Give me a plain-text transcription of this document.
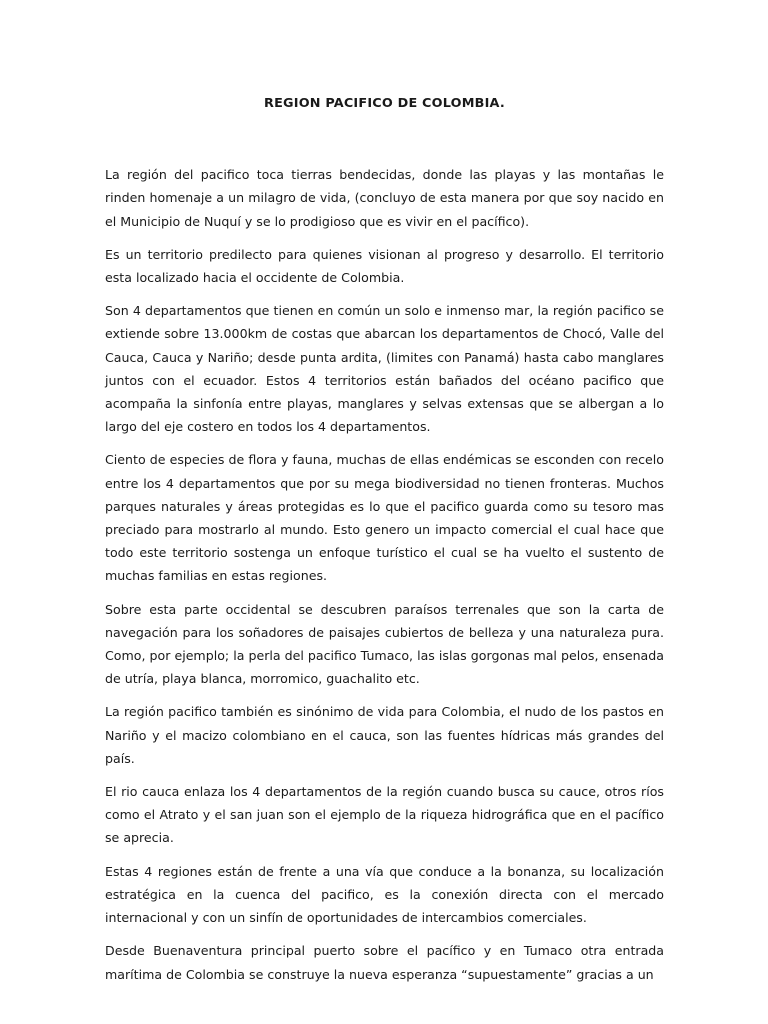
REGION PACIFICO DE COLOMBIA.

La región del pacifico toca tierras bendecidas, donde las playas y las montañas le rinden homenaje a un milagro de vida, (concluyo de esta manera por que soy nacido en el Municipio de Nuquí y se lo prodigioso que es vivir en el pacífico).

Es un territorio predilecto para quienes visionan al progreso y desarrollo. El territorio esta localizado hacia el occidente de Colombia.

Son 4 departamentos que tienen en común un solo e inmenso mar, la región pacifico se extiende sobre 13.000km de costas que abarcan los departamentos de Chocó, Valle del Cauca, Cauca y Nariño; desde punta ardita, (limites con Panamá) hasta cabo manglares juntos con el ecuador. Estos 4 territorios están bañados del océano pacifico que acompaña la sinfonía entre playas, manglares y selvas extensas que se albergan a lo largo del eje costero en todos los 4 departamentos.

Ciento de especies de flora y fauna, muchas de ellas endémicas se esconden con recelo entre los 4 departamentos que por su mega biodiversidad no tienen fronteras. Muchos parques naturales y áreas protegidas es lo que el pacifico guarda como su tesoro mas preciado para mostrarlo al mundo. Esto genero un impacto comercial el cual hace que todo este territorio sostenga un enfoque turístico el cual se ha vuelto el sustento de muchas familias en estas regiones.

Sobre esta parte occidental se descubren paraísos terrenales que son la carta de navegación para los soñadores de paisajes cubiertos de belleza y una naturaleza pura. Como, por ejemplo; la perla del pacifico Tumaco, las islas gorgonas mal pelos, ensenada de utría, playa blanca, morromico, guachalito etc.

La región pacifico también es sinónimo de vida para Colombia, el nudo de los pastos en Nariño y el macizo colombiano en el cauca, son las fuentes hídricas más grandes del país.

El rio cauca enlaza los 4 departamentos de la región cuando busca su cauce, otros ríos como el Atrato y el san juan son el ejemplo de la riqueza hidrográfica que en el pacífico se aprecia.

Estas 4 regiones están de frente a una vía que conduce a la bonanza, su localización estratégica en la cuenca del pacifico, es la conexión directa con el mercado internacional y con un sinfín de oportunidades de intercambios comerciales.

Desde Buenaventura principal puerto sobre el pacífico y en Tumaco otra entrada marítima de Colombia se construye la nueva esperanza “supuestamente” gracias a un
